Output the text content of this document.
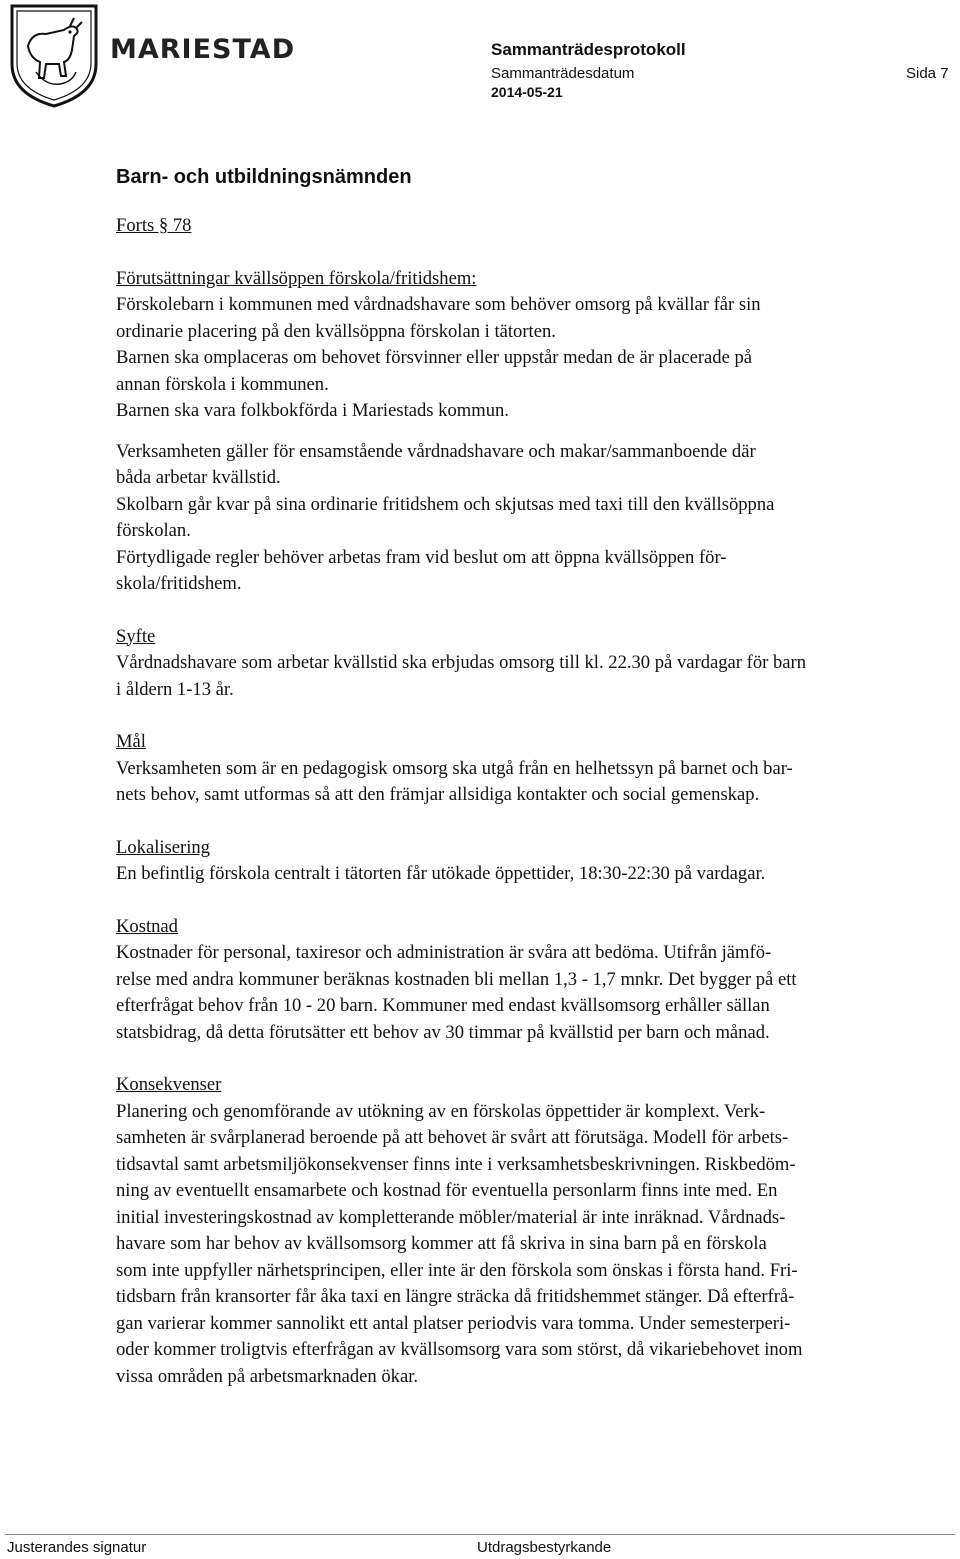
MARIESTAD	Sammanträdesprotokoll
Sammanträdesdatum	Sida 7
2014-05-21
Barn- och utbildningsnämnden

Forts § 78

Förutsättningar kvällsöppen förskola/fritidshem:

Förskolebarn i kommunen med vårdnadshavare som behöver omsorg på kvällar får sin
ordinarie placering på den kvällsöppna förskolan i tätorten.
Barnen ska omplaceras om behovet försvinner eller uppstår medan de är placerade på
annan förskola i kommunen.
Barnen ska vara folkbokförda i Mariestads kommun.

Verksamheten gäller för ensamstående vårdnadshavare och makar/sammanboende där
båda arbetar kvällstid.
Skolbarn går kvar på sina ordinarie fritidshem och skjutsas med taxi till den kvällsöppna
förskolan.
Förtydligade regler behöver arbetas fram vid beslut om att öppna kvällsöppen för-
skola/fritidshem.

Syfte

Vårdnadshavare som arbetar kvällstid ska erbjudas omsorg till kl. 22.30 på vardagar för barn
i åldern 1-13 år.

Mål

Verksamheten som är en pedagogisk omsorg ska utgå från en helhetssyn på barnet och bar-
nets behov, samt utformas så att den främjar allsidiga kontakter och social gemenskap.

Lokalisering

En befintlig förskola centralt i tätorten får utökade öppettider, 18:30-22:30 på vardagar.

Kostnad

Kostnader för personal, taxiresor och administration är svåra att bedöma. Utifrån jämfö-
relse med andra kommuner beräknas kostnaden bli mellan 1,3 - 1,7 mnkr. Det bygger på ett
efterfrågat behov från 10 - 20 barn. Kommuner med endast kvällsomsorg erhåller sällan
statsbidrag, då detta förutsätter ett behov av 30 timmar på kvällstid per barn och månad.

Konsekvenser

Planering och genomförande av utökning av en förskolas öppettider är komplext. Verk-
samheten är svårplanerad beroende på att behovet är svårt att förutsäga. Modell för arbets-
tidsavtal samt arbetsmiljökonsekvenser finns inte i verksamhetsbeskrivningen. Riskbedöm-
ning av eventuellt ensamarbete och kostnad för eventuella personlarm finns inte med. En
initial investeringskostnad av kompletterande möbler/material är inte inräknad. Vårdnads-
havare som har behov av kvällsomsorg kommer att få skriva in sina barn på en förskola
som inte uppfyller närhetsprincipen, eller inte är den förskola som önskas i första hand. Fri-
tidsbarn från kransorter får åka taxi en längre sträcka då fritidshemmet stänger. Då efterfrå-
gan varierar kommer sannolikt ett antal platser periodvis vara tomma. Under semesterperi-
oder kommer troligtvis efterfrågan av kvällsomsorg vara som störst, då vikariebehovet inom
vissa områden på arbetsmarknaden ökar.

Justerandes signatur	Utdragsbestyrkande
